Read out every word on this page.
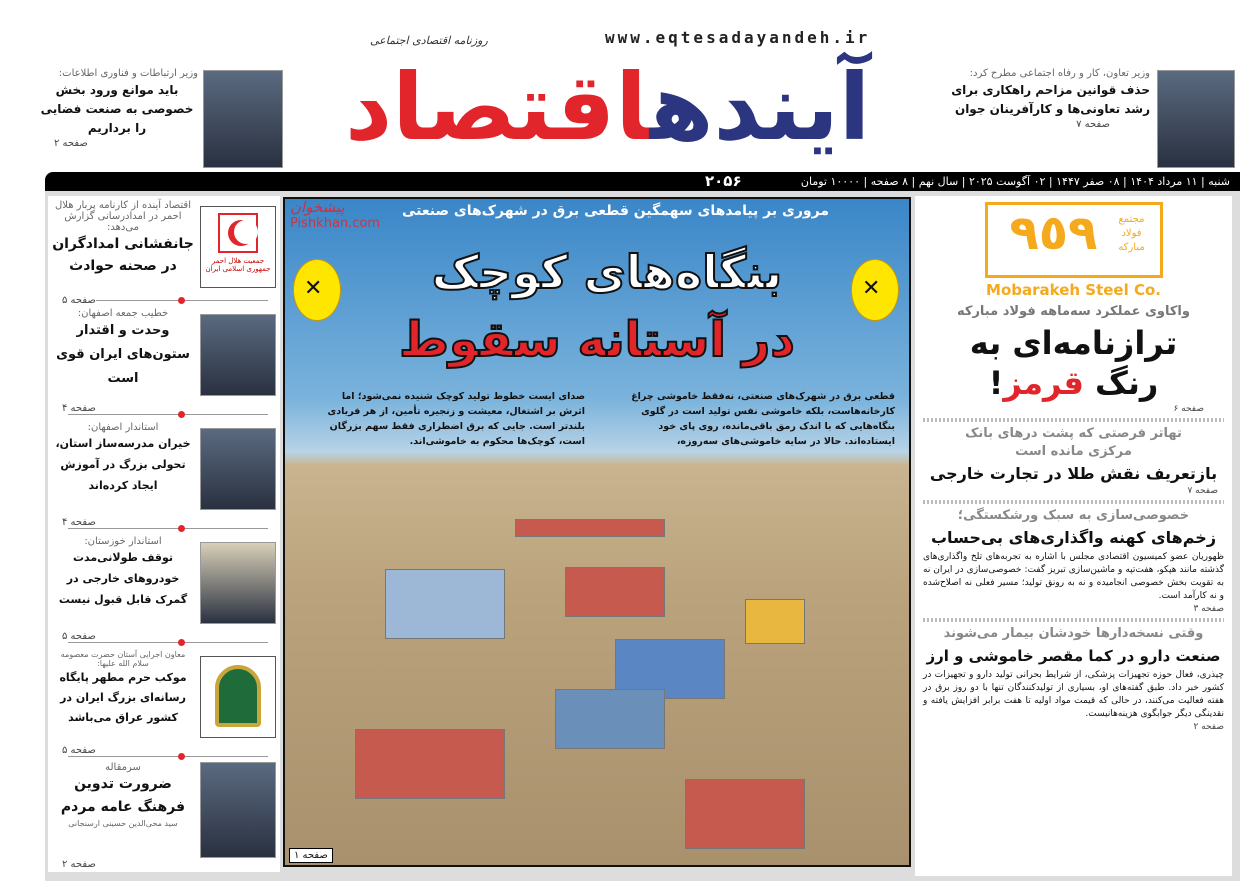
آیندهاقتصاد
www.eqtesadayandeh.ir
روزنامه اقتصادی اجتماعی
وزیر تعاون، کار و رفاه اجتماعی مطرح کرد:
حذف قوانین مزاحم راهکاری برای رشد تعاونی‌ها و کارآفرینان جوان
صفحه ۷
وزیر ارتباطات و فناوری اطلاعات:
باید موانع ورود بخش خصوصی به صنعت فضایی را برداریم
صفحه ۲
شنبه | ۱۱ مرداد ۱۴۰۴ | ۰۸ صفر ۱۴۴۷ | ۰۲ آگوست ۲۰۲۵ | سال نهم | ۸ صفحه | ۱۰۰۰۰ تومان
۲۰۵۶
جمعیت هلال احمر جمهوری اسلامی ایران
اقتصاد آینده از کارنامه پربار هلال احمر در امدادرسانی گزارش می‌دهد:
جانفشانی امدادگران در صحنه حوادث
صفحه ۵
خطیب جمعه اصفهان:
وحدت و اقتدار ستون‌های ایران قوی است
صفحه ۴
استاندار اصفهان:
خیران مدرسه‌ساز استان، تحولی بزرگ در آموزش ایجاد کرده‌اند
صفحه ۴
استاندار خوزستان:
توقف طولانی‌مدت خودروهای خارجی در گمرک قابل قبول نیست
صفحه ۵
معاون اجرایی آستان حضرت معصومه سلام الله علیها:
موکب حرم مطهر پایگاه رسانه‌ای بزرگ ایران در کشور عراق می‌باشد
صفحه ۵
سرمقاله
ضرورت تدوین فرهنگ عامه مردم
سید محی‌الدین حسینی ارسنجانی
صفحه ۲
مروری بر پیامدهای سهمگین قطعی برق در شهرک‌های صنعتی
بنگاه‌های کوچک
در آستانه سقوط
✕
✕
قطعی برق در شهرک‌های صنعتی، نه‌فقط خاموشی چراغ کارخانه‌هاست، بلکه خاموشی نفس تولید است در گلوی بنگاه‌هایی که با اندک رمق باقی‌مانده، روی پای خود ایستاده‌اند. حالا در سایه خاموشی‌های سه‌روزه،
صدای ایست خطوط تولید کوچک شنیده نمی‌شود؛ اما اثرش بر اشتغال، معیشت و زنجیره تأمین، از هر فریادی بلندتر است. جایی که برق اضطراری فقط سهم بزرگان است، کوچک‌ها محکوم به خاموشی‌اند.
صفحه ۱
پیشخوان
Pishkhan.com	٩٥٩	مجتمع فولاد مبارکه
Mobarakeh Steel Co.
واکاوی عملکرد سه‌ماهه فولاد مبارکه
ترازنامه‌ای به
رنگ قرمز!
صفحه ۶
تهاتر فرصتی که پشت درهای بانک مرکزی مانده است
بازتعریف نقش طلا در تجارت خارجی
صفحه ۷
خصوصی‌سازی به سبک ورشکستگی؛
زخم‌های کهنه واگذاری‌های بی‌حساب
ظهوریان عضو کمیسیون اقتصادی مجلس با اشاره به تجربه‌های تلخ واگذاری‌های گذشته مانند هپکو، هفت‌تپه و ماشین‌سازی تبریز گفت: خصوصی‌سازی در ایران نه به تقویت بخش خصوصی انجامیده و نه به رونق تولید؛ مسیر فعلی نه اصلاح‌شده و نه کارآمد است.
صفحه ۳
وقتی نسخه‌دارها خودشان بیمار می‌شوند
صنعت دارو در کما مقصر خاموشی و ارز
چیذری، فعال حوزه تجهیزات پزشکی، از شرایط بحرانی تولید دارو و تجهیزات در کشور خبر داد. طبق گفته‌های او، بسیاری از تولیدکنندگان تنها با دو روز برق در هفته فعالیت می‌کنند، در حالی که قیمت مواد اولیه تا هفت برابر افزایش یافته و نقدینگی دیگر جوابگوی هزینه‌هانیست.
صفحه ۲
